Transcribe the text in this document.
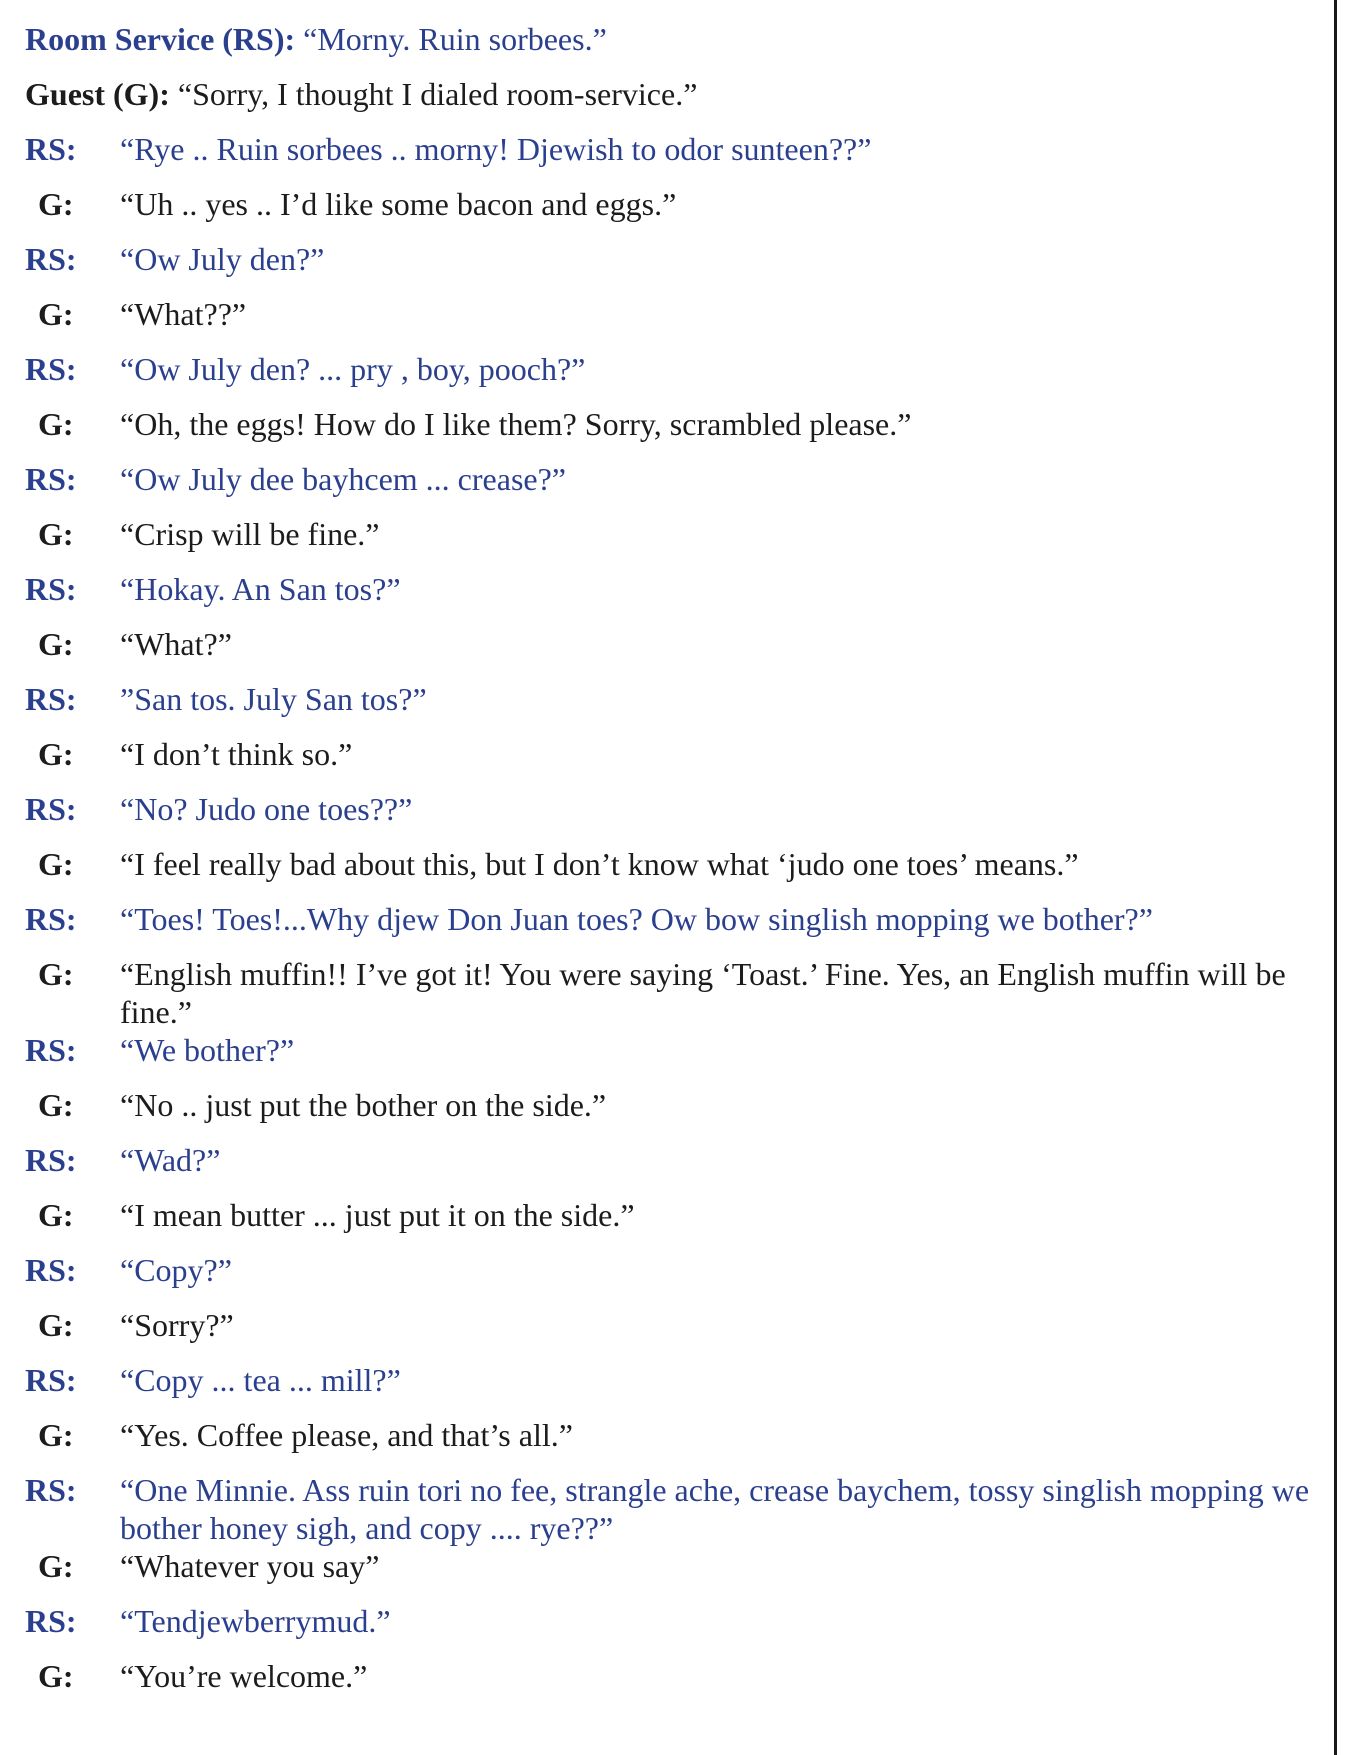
Room Service (RS): “Morny. Ruin sorbees.”
Guest (G): “Sorry, I thought I dialed room-service.”
RS:	“Rye .. Ruin sorbees .. morny! Djewish to odor sunteen??”
G:	“Uh .. yes .. I’d like some bacon and eggs.”
RS:	“Ow July den?”
G:	“What??”
RS:	“Ow July den? ... pry , boy, pooch?”
G:	“Oh, the eggs! How do I like them? Sorry, scrambled please.”
RS:	“Ow July dee bayhcem ... crease?”
G:	“Crisp will be fine.”
RS:	“Hokay. An San tos?”
G:	“What?”
RS:	”San tos. July San tos?”
G:	“I don’t think so.”
RS:	“No? Judo one toes??”
G:	“I feel really bad about this, but I don’t know what ‘judo one toes’ means.”
RS:	“Toes! Toes!...Why djew Don Juan toes? Ow bow singlish mopping we bother?”
G:	“English muffin!! I’ve got it! You were saying ‘Toast.’ Fine. Yes, an English muffin will be fine.”
RS:	“We bother?”
G:	“No .. just put the bother on the side.”
RS:	“Wad?”
G:	“I mean butter ... just put it on the side.”
RS:	“Copy?”
G:	“Sorry?”
RS:	“Copy ... tea ... mill?”
G:	“Yes. Coffee please, and that’s all.”
RS:	“One Minnie. Ass ruin tori no fee, strangle ache, crease baychem, tossy singlish mopping we bother honey sigh, and copy .... rye??”
G:	“Whatever you say”
RS:	“Tendjewberrymud.”
G:	“You’re welcome.”
